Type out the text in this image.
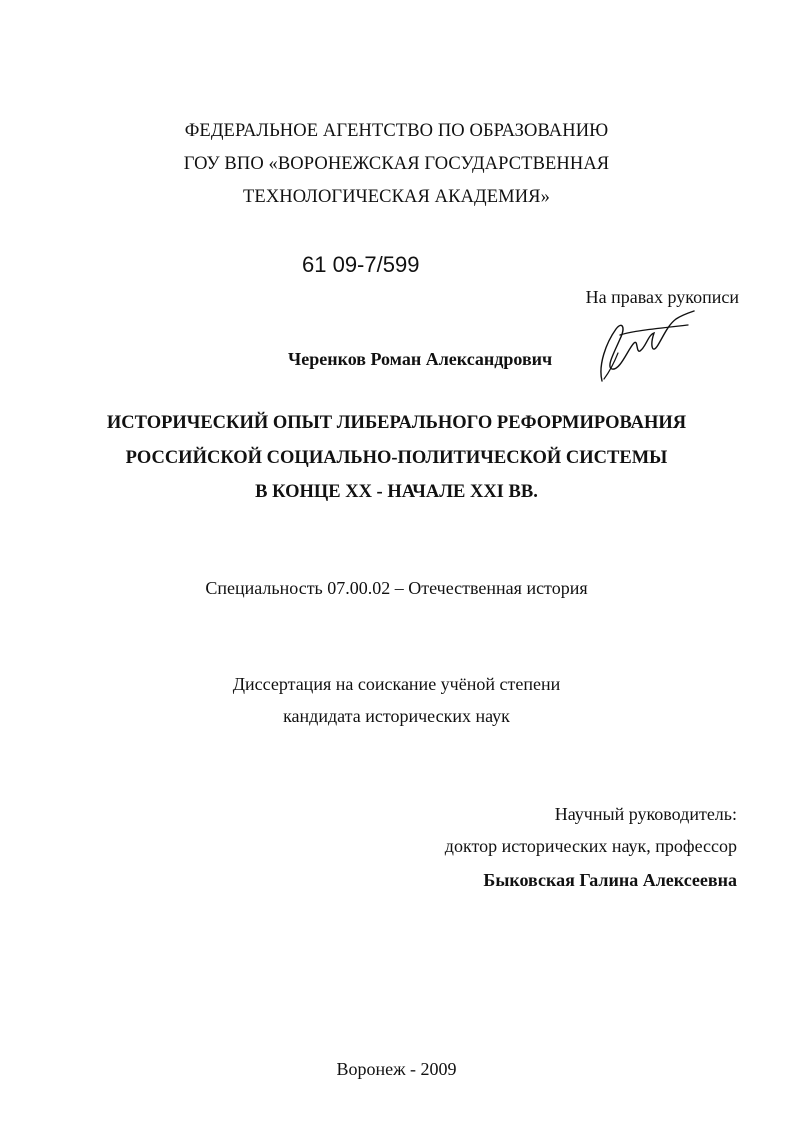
ФЕДЕРАЛЬНОЕ АГЕНТСТВО ПО ОБРАЗОВАНИЮ
ГОУ ВПО «ВОРОНЕЖСКАЯ ГОСУДАРСТВЕННАЯ
ТЕХНОЛОГИЧЕСКАЯ АКАДЕМИЯ»
61 09-7/599
На правах рукописи
Черенков Роман Александрович
ИСТОРИЧЕСКИЙ ОПЫТ ЛИБЕРАЛЬНОГО РЕФОРМИРОВАНИЯ
РОССИЙСКОЙ СОЦИАЛЬНО-ПОЛИТИЧЕСКОЙ СИСТЕМЫ
В КОНЦЕ XX - НАЧАЛЕ XXI ВВ.
Специальность 07.00.02 – Отечественная история
Диссертация на соискание учёной степени
кандидата исторических наук
Научный руководитель:
доктор исторических наук, профессор
Быковская Галина Алексеевна
Воронеж - 2009
